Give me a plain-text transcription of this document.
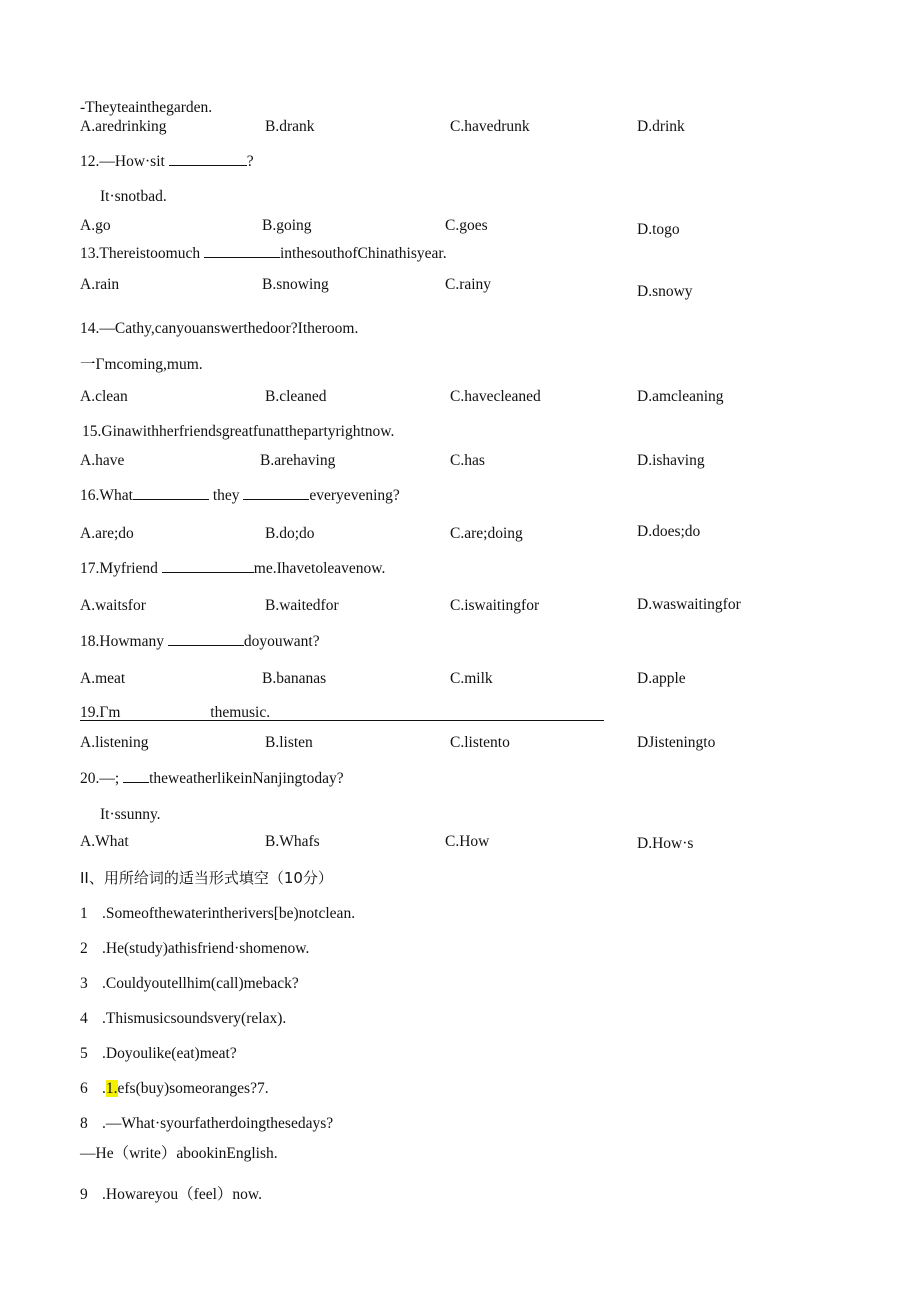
-Theyteainthegarden.
A.aredrinking	B.drank	C.havedrunk	D.drink
12.—How·sit	?
It·snotbad.
A.go	B.going	C.goes	D.togo
13.Thereistoomuch	inthesouthofChinathisyear.
A.rain	B.snowing	C.rainy	D.snowy
14.—Cathy,canyouanswerthedoor?Itheroom.
一Γmcoming,mum.
A.clean	B.cleaned	C.havecleaned	D.amcleaning
15.Ginawithherfriendsgreatfunatthepartyrightnow.
A.have	B.arehaving	C.has	D.ishaving
16.What	they	everyevening?
A.are;do	B.do;do	C.are;doing	D.does;do
17.Myfriend	me.Ihavetoleavenow.
A.waitsfor	B.waitedfor	C.iswaitingfor	D.waswaitingfor
18.Howmany	doyouwant?
A.meat	B.bananas	C.milk	D.apple
19.Γm	themusic.
A.listening	B.listen	C.listento	DJisteningto
20.—; theweatherlikeinNanjingtoday?
It·ssunny.
A.What	B.Whafs	C.How	D.How·s
II、用所给词的适当形式填空（10分）
1 .Someofthewaterintherivers[be)notclean.
2 .He(study)athisfriend·shomenow.
3 .Couldyoutellhim(call)meback?
4 .Thismusicsoundsvery(relax).
5 .Doyoulike(eat)meat?
6 .1.efs(buy)someoranges?7.
8 .—What·syourfatherdoingthesedays?
—He（write）abookinEnglish.
9 .Howareyou（feel）now.
